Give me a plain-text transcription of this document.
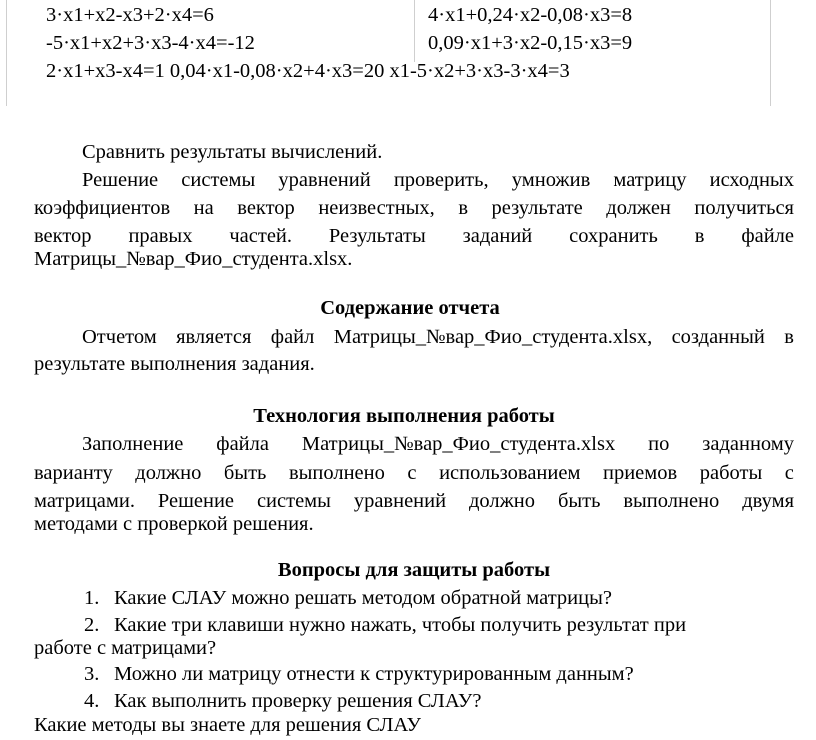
3·x1+x2-x3+2·x4=6	4·x1+0,24·x2-0,08·x3=8
-5·x1+x2+3·x3-4·x4=-12	0,09·x1+3·x2-0,15·x3=9
2·x1+x3-x4=1 0,04·x1-0,08·x2+4·x3=20 x1-5·x2+3·x3-3·x4=3
Сравнить результаты вычислений.
Решение системы уравнений проверить, умножив матрицу исходных
коэффициентов на вектор неизвестных, в результате должен получиться
вектор правых частей. Результаты заданий сохранить в файле
Матрицы_№вар_Фио_студента.xlsx.
Содержание отчета
Отчетом является файл Матрицы_№вар_Фио_студента.xlsx, созданный в
результате выполнения задания.
Технология выполнения работы
Заполнение файла Матрицы_№вар_Фио_студента.xlsx по заданному
варианту должно быть выполнено с использованием приемов работы с
матрицами. Решение системы уравнений должно быть выполнено двумя
методами с проверкой решения.
Вопросы для защиты работы
1. Какие СЛАУ можно решать методом обратной матрицы?
2. Какие три клавиши нужно нажать, чтобы получить результат при
работе с матрицами?
3. Можно ли матрицу отнести к структурированным данным?
4. Как выполнить проверку решения СЛАУ?
Какие методы вы знаете для решения СЛАУ
